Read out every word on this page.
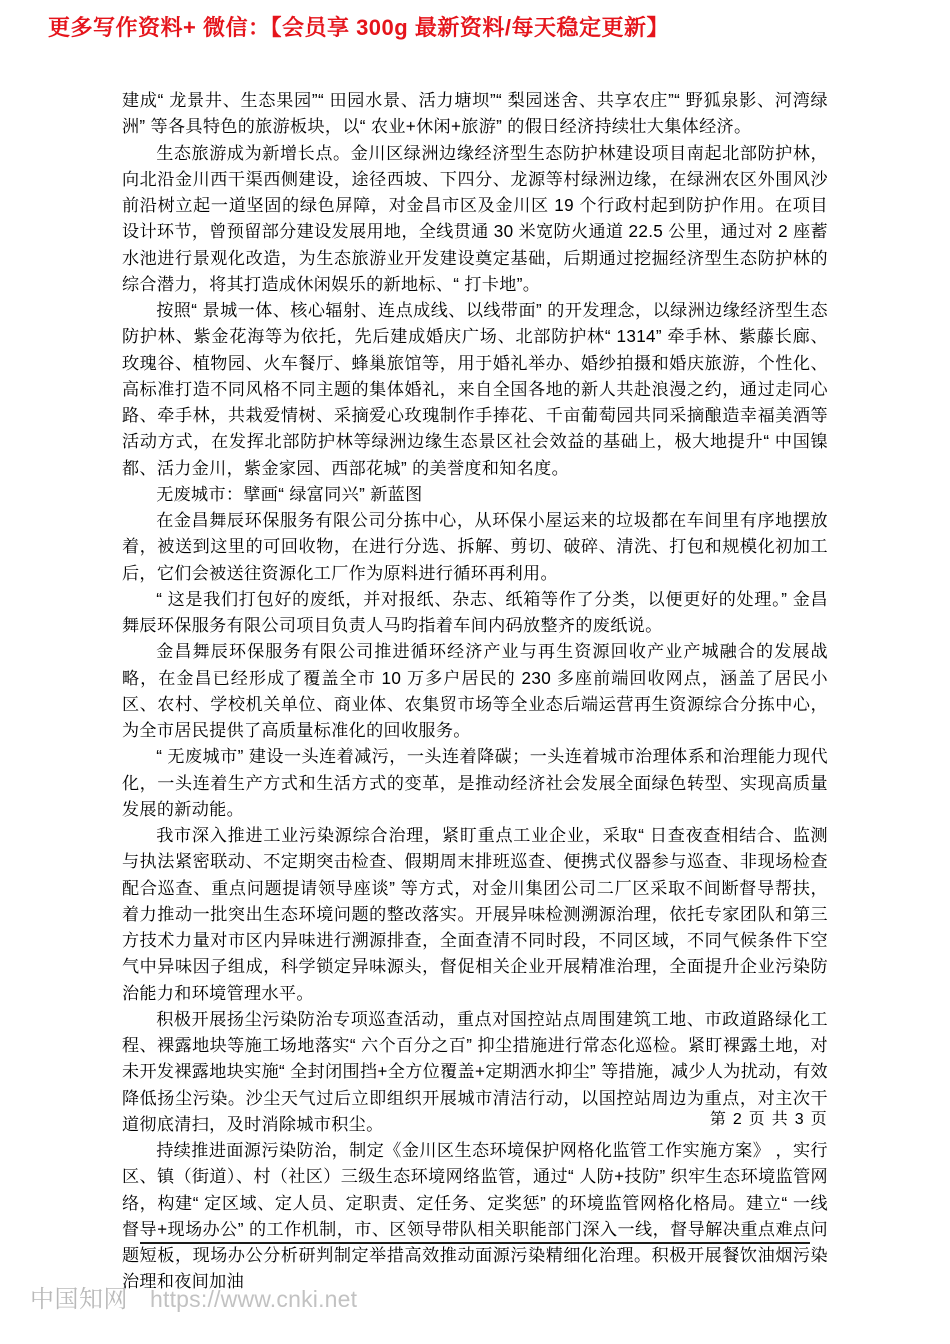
更多写作资料+ 微信：【会员享 300g 最新资料/每天稳定更新】

建成“ 龙景井、生态果园”“ 田园水景、活力塘坝”“ 梨园迷舍、共享农庄”“ 野狐泉影、河湾绿洲” 等各具特色的旅游板块，以“ 农业+休闲+旅游” 的假日经济持续壮大集体经济。

生态旅游成为新增长点。金川区绿洲边缘经济型生态防护林建设项目南起北部防护林，向北沿金川西干渠西侧建设，途径西坡、下四分、龙源等村绿洲边缘，在绿洲农区外围风沙前沿树立起一道坚固的绿色屏障，对金昌市区及金川区 19 个行政村起到防护作用。在项目设计环节，曾预留部分建设发展用地，全线贯通 30 米宽防火通道 22.5 公里，通过对 2 座蓄水池进行景观化改造，为生态旅游业开发建设奠定基础，后期通过挖掘经济型生态防护林的综合潜力，将其打造成休闲娱乐的新地标、“ 打卡地”。

按照“ 景城一体、核心辐射、连点成线、以线带面” 的开发理念，以绿洲边缘经济型生态防护林、紫金花海等为依托，先后建成婚庆广场、北部防护林“ 1314” 牵手林、紫藤长廊、玫瑰谷、植物园、火车餐厅、蜂巢旅馆等，用于婚礼举办、婚纱拍摄和婚庆旅游，个性化、高标准打造不同风格不同主题的集体婚礼，来自全国各地的新人共赴浪漫之约，通过走同心路、牵手林，共栽爱情树、采摘爱心玫瑰制作手捧花、千亩葡萄园共同采摘酿造幸福美酒等活动方式，在发挥北部防护林等绿洲边缘生态景区社会效益的基础上，极大地提升“ 中国镍都、活力金川，紫金家园、西部花城” 的美誉度和知名度。

无废城市：擘画“ 绿富同兴” 新蓝图

在金昌舞辰环保服务有限公司分拣中心，从环保小屋运来的垃圾都在车间里有序地摆放着，被送到这里的可回收物，在进行分选、拆解、剪切、破碎、清洗、打包和规模化初加工后，它们会被送往资源化工厂作为原料进行循环再利用。

“ 这是我们打包好的废纸，并对报纸、杂志、纸箱等作了分类，以便更好的处理。” 金昌舞辰环保服务有限公司项目负责人马昀指着车间内码放整齐的废纸说。

金昌舞辰环保服务有限公司推进循环经济产业与再生资源回收产业产城融合的发展战略，在金昌已经形成了覆盖全市 10 万多户居民的 230 多座前端回收网点，涵盖了居民小区、农村、学校机关单位、商业体、农集贸市场等全业态后端运营再生资源综合分拣中心，为全市居民提供了高质量标准化的回收服务。

“ 无废城市” 建设一头连着减污，一头连着降碳；一头连着城市治理体系和治理能力现代化，一头连着生产方式和生活方式的变革，是推动经济社会发展全面绿色转型、实现高质量发展的新动能。

我市深入推进工业污染源综合治理，紧盯重点工业企业，采取“ 日查夜查相结合、监测与执法紧密联动、不定期突击检查、假期周末排班巡查、便携式仪器参与巡查、非现场检查配合巡查、重点问题提请领导座谈” 等方式，对金川集团公司二厂区采取不间断督导帮扶，着力推动一批突出生态环境问题的整改落实。开展异味检测溯源治理，依托专家团队和第三方技术力量对市区内异味进行溯源排查，全面查清不同时段，不同区域，不同气候条件下空气中异味因子组成，科学锁定异味源头，督促相关企业开展精准治理，全面提升企业污染防治能力和环境管理水平。

积极开展扬尘污染防治专项巡查活动，重点对国控站点周围建筑工地、市政道路绿化工程、裸露地块等施工场地落实“ 六个百分之百” 抑尘措施进行常态化巡检。紧盯裸露土地，对未开发裸露地块实施“ 全封闭围挡+全方位覆盖+定期洒水抑尘” 等措施，减少人为扰动，有效降低扬尘污染。沙尘天气过后立即组织开展城市清洁行动，以国控站周边为重点，对主次干道彻底清扫，及时消除城市积尘。

持续推进面源污染防治，制定《金川区生态环境保护网格化监管工作实施方案》 ，实行区、镇（街道）、村（社区）三级生态环境网络监管，通过“ 人防+技防” 织牢生态环境监管网络，构建“ 定区域、定人员、定职责、定任务、定奖惩” 的环境监管网格化格局。建立“ 一线督导+现场办公” 的工作机制，市、区领导带队相关职能部门深入一线，督导解决重点难点问题短板，现场办公分析研判制定举措高效推动面源污染精细化治理。积极开展餐饮油烟污染治理和夜间加油

第 2 页 共 3 页
中国知网 https://www.cnki.net
